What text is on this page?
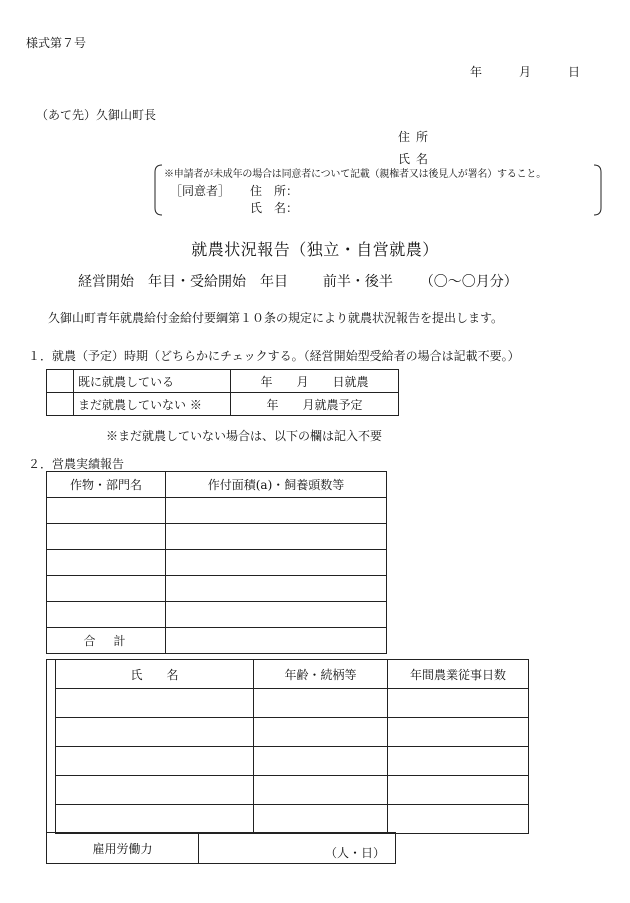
様式第７号
年	月	日
（あて先）久御山町長
住所
氏名
※申請者が未成年の場合は同意者について記載（親権者又は後見人が署名）すること。
［同意者］ 住　所：
氏　名：
就農状況報告（独立・自営就農）
経営開始　年目・受給開始　年目 前半・後半 （〇～〇月分）
久御山町青年就農給付金給付要綱第１０条の規定により就農状況報告を提出します。
１．就農（予定）時期（どちらかにチェックする。（経営開始型受給者の場合は記載不要。）
	既に就農している	年　　月　　日就農
	まだ就農していない ※	年　　月就農予定
※まだ就農していない場合は、以下の欄は記入不要
２．営農実績報告
作物・部門名	作付面積(a)・飼養頭数等

合　計	
氏　　名	年齢・続柄等	年間農業従事日数

雇用労働力	（人・日）
